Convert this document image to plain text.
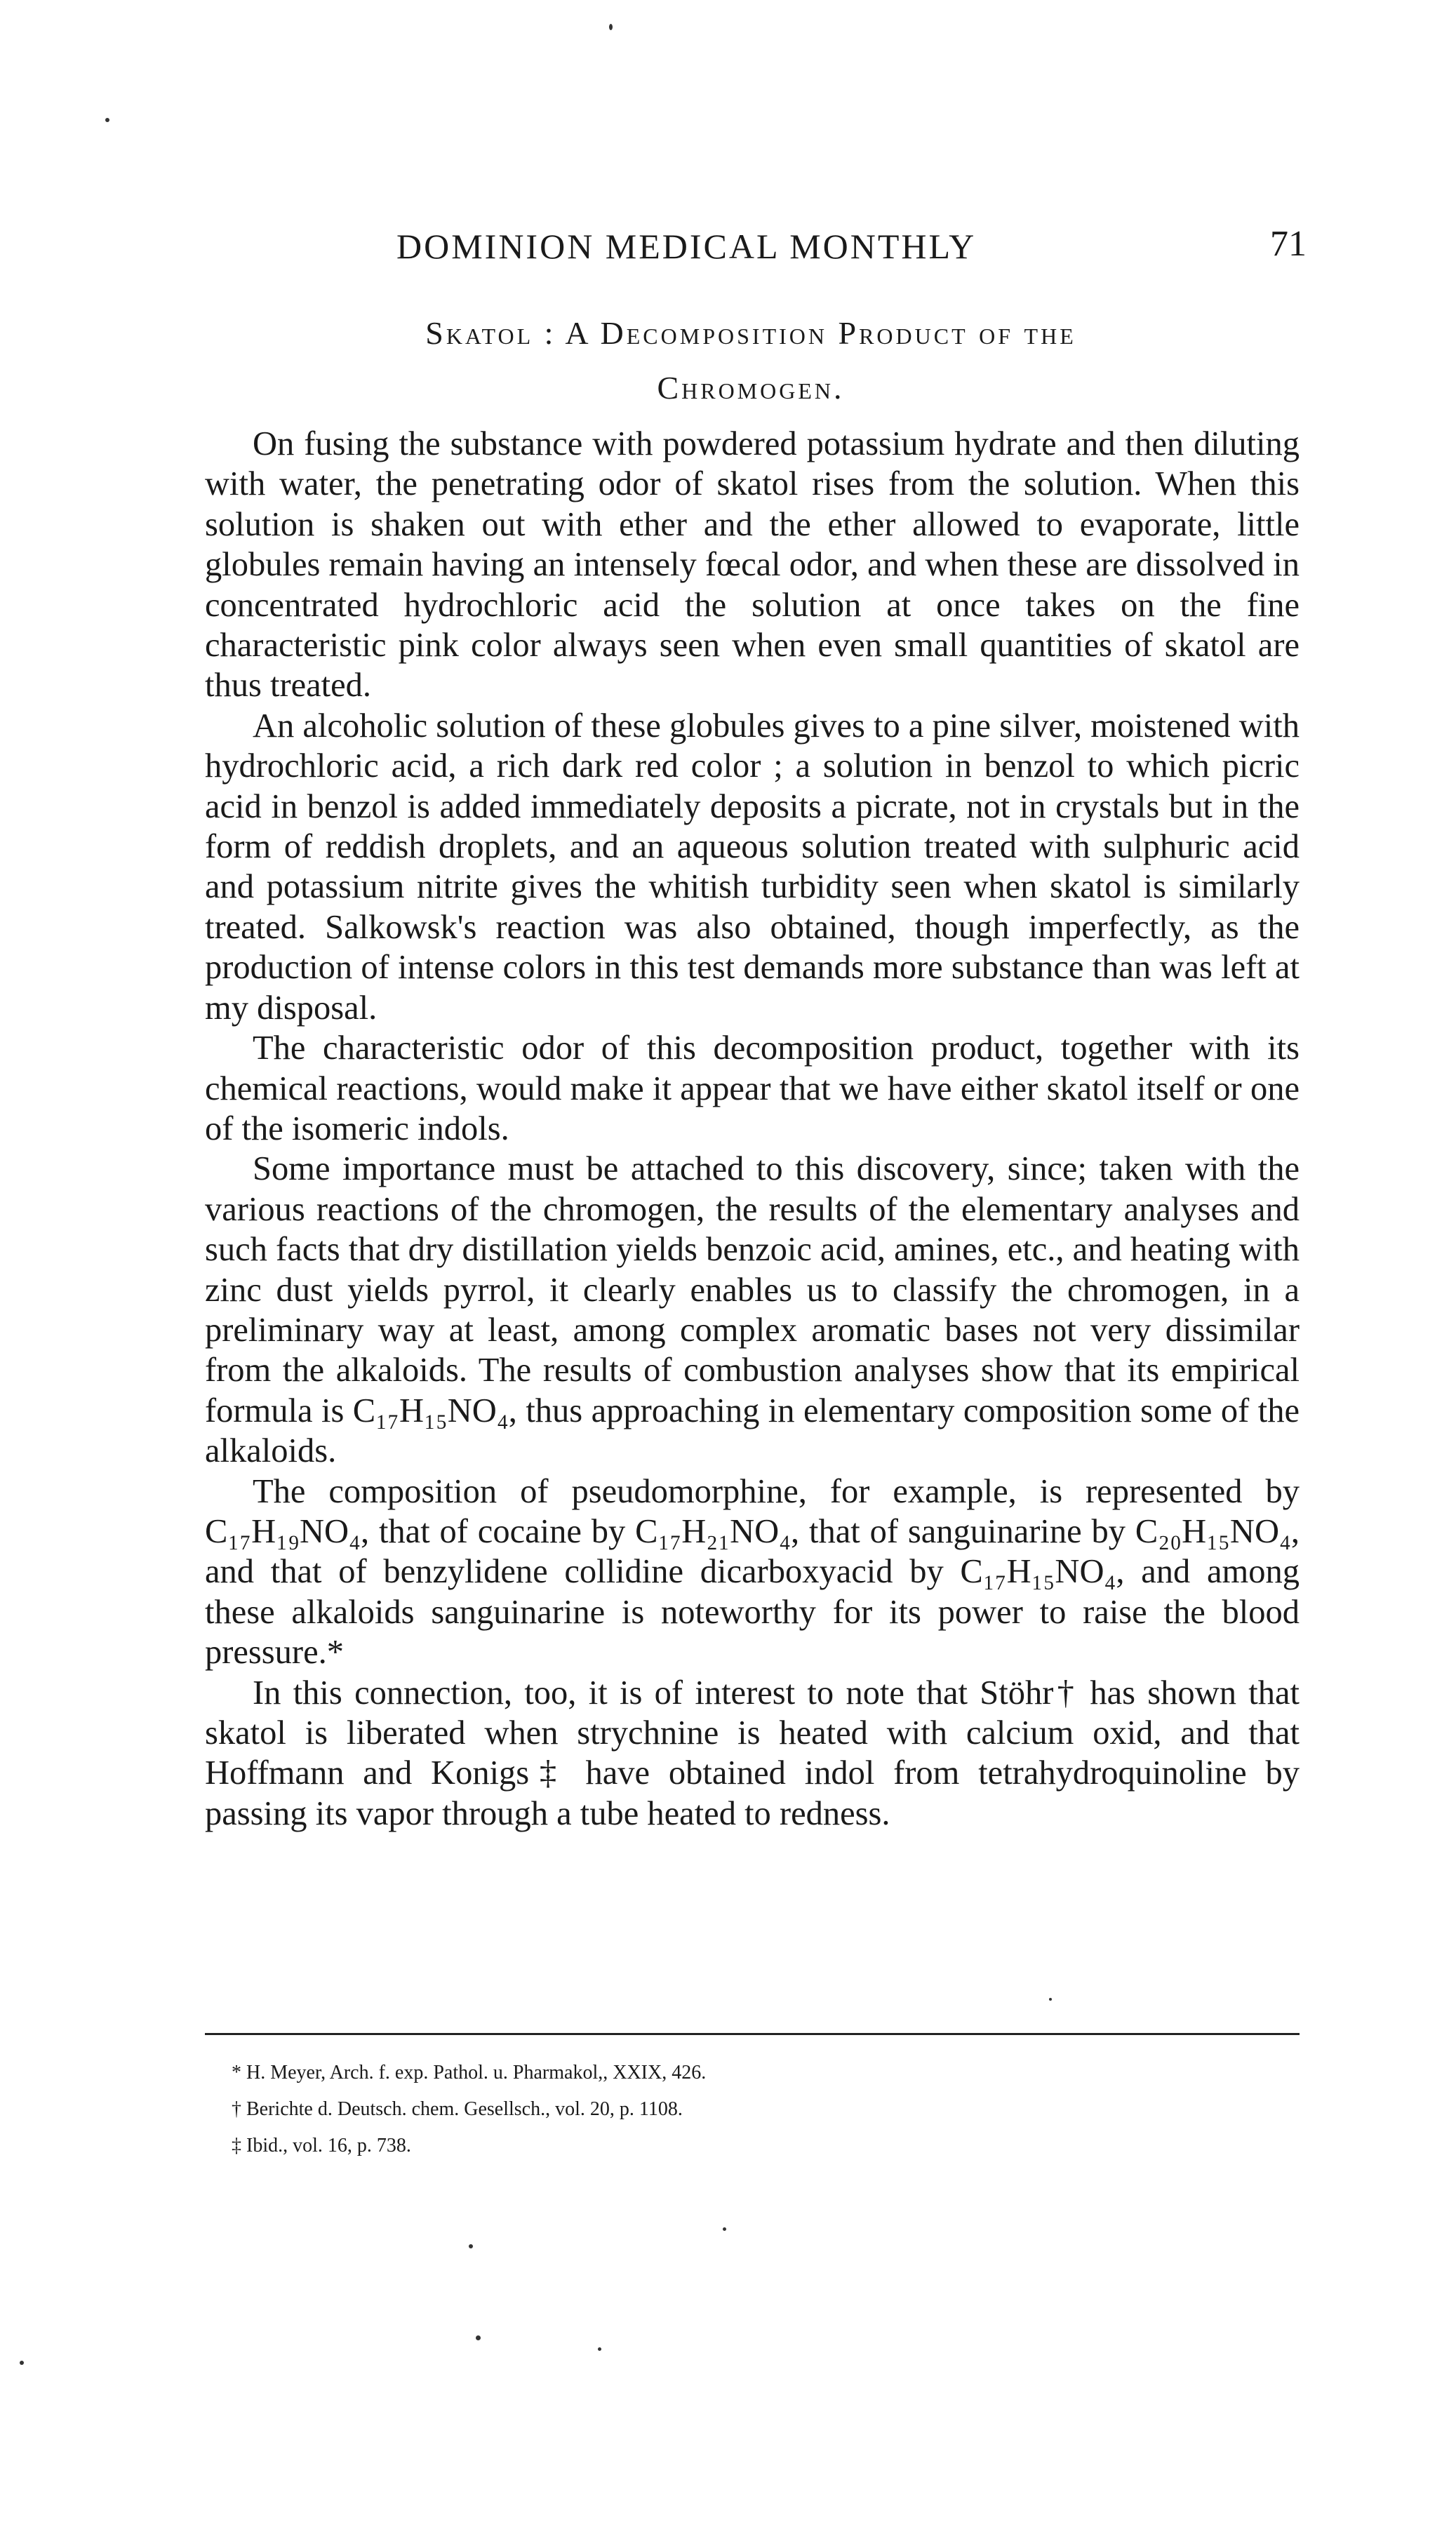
DOMINION MEDICAL MONTHLY	71
Skatol : A Decomposition Product of the
Chromogen.

On fusing the substance with powdered potassium hydrate and then diluting with water, the penetrating odor of skatol rises from the solution. When this solution is shaken out with ether and the ether allowed to evaporate, little globules remain having an intensely fœcal odor, and when these are dissolved in concentrated hydrochloric acid the solution at once takes on the fine characteristic pink color always seen when even small quantities of skatol are thus treated.

An alcoholic solution of these globules gives to a pine silver, moistened with hydrochloric acid, a rich dark red color ; a solution in benzol to which picric acid in benzol is added immediately deposits a picrate, not in crystals but in the form of reddish droplets, and an aqueous solution treated with sulphuric acid and potassium nitrite gives the whitish turbidity seen when skatol is similarly treated. Salkowsk's reaction was also obtained, though imperfectly, as the production of intense colors in this test demands more substance than was left at my disposal.

The characteristic odor of this decomposition product, together with its chemical reactions, would make it appear that we have either skatol itself or one of the isomeric indols.

Some importance must be attached to this discovery, since; taken with the various reactions of the chromogen, the results of the elementary analyses and such facts that dry distillation yields benzoic acid, amines, etc., and heating with zinc dust yields pyrrol, it clearly enables us to classify the chromogen, in a preliminary way at least, among complex aromatic bases not very dissimilar from the alkaloids. The results of combustion analyses show that its empirical formula is C₁₇H₁₅NO₄, thus approaching in elementary composition some of the alkaloids.

The composition of pseudomorphine, for example, is represented by C₁₇H₁₉NO₄, that of cocaine by C₁₇H₂₁NO₄, that of sanguinarine by C₂₀H₁₅NO₄, and that of benzylidene collidine dicarboxyacid by C₁₇H₁₅NO₄, and among these alkaloids sanguinarine is noteworthy for its power to raise the blood pressure.*

In this connection, too, it is of interest to note that Stöhr† has shown that skatol is liberated when strychnine is heated with calcium oxid, and that Hoffmann and Konigs‡ have obtained indol from tetrahydroquinoline by passing its vapor through a tube heated to redness.

* H. Meyer, Arch. f. exp. Pathol. u. Pharmakol,, XXIX, 426.

† Berichte d. Deutsch. chem. Gesellsch., vol. 20, p. 1108.

‡ Ibid., vol. 16, p. 738.
